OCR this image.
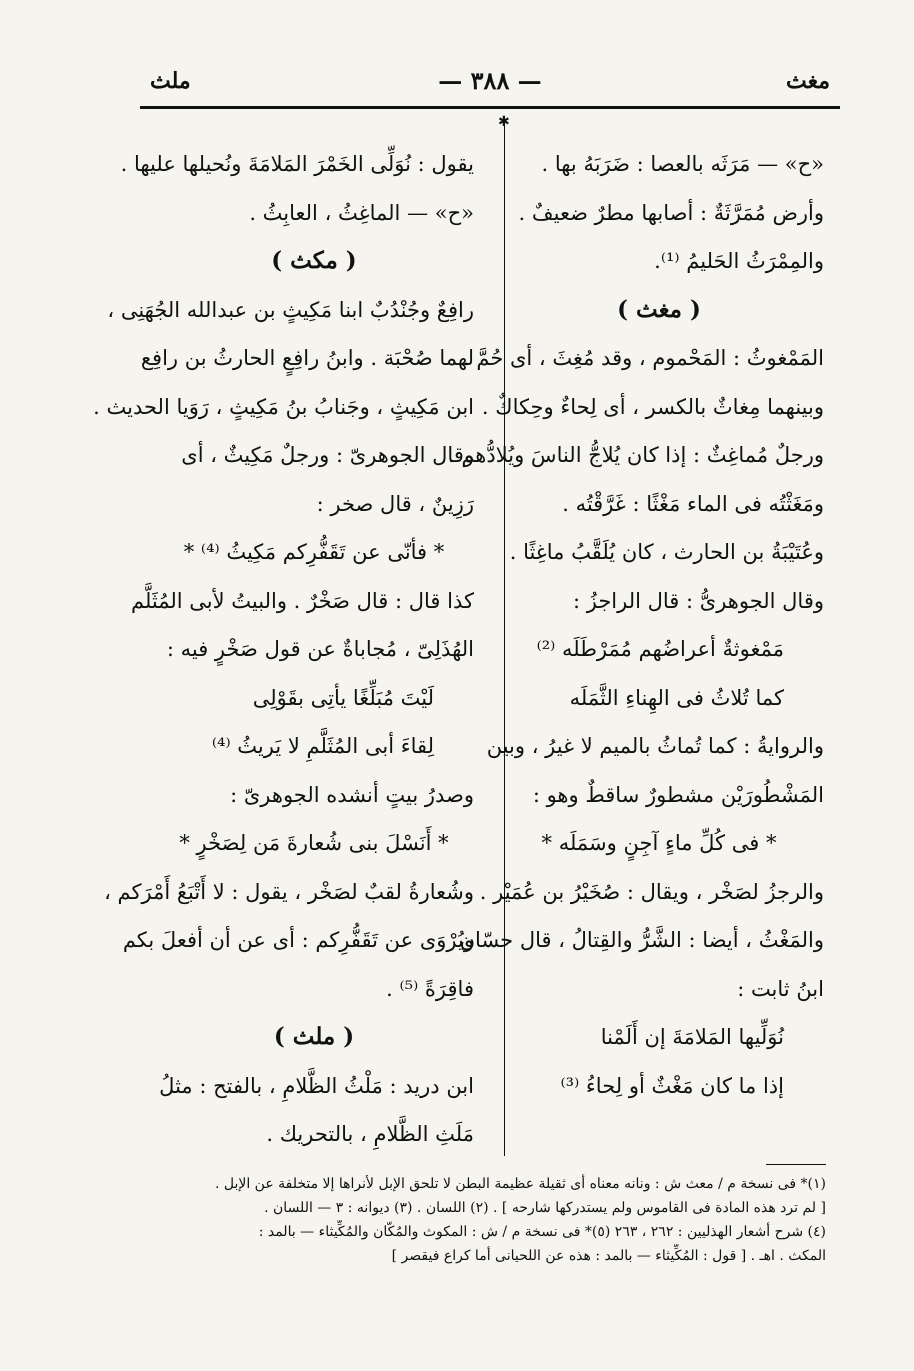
مغث
— ٣٨٨ —
ملث
✱
«ح» — مَرَثَه بالعصا : ضَرَبَهُ بها .
وأرض مُمَرَّثَةٌ : أصابها مطرٌ ضعيفٌ .
والمِمْرَثُ الحَليمُ ⁽¹⁾.
( مغث )
المَمْغوثُ : المَحْموم ، وقد مُغِثَ ، أى حُمَّ .
وبينهما مِغاثٌ بالكسر ، أى لِحاءٌ وحِكاكٌ .
ورجلٌ مُماغِثٌ : إذا كان يُلاجُّ الناسَ ويُلادُّهم .
ومَغَثْتُه فى الماء مَغْثًا : غَرَّقْتُه .
وعُتَيْبَةُ بن الحارث ، كان يُلَقَّبُ ماغِثًا .
وقال الجوهرىُّ : قال الراجزُ :
مَمْغوثةٌ أعراضُهم مُمَرْطَلَه ⁽²⁾
كما تُلاثُ فى الهِناءِ الثَّمَلَه
والروايةُ : كما تُماثُ بالميم لا غيرُ ، وبين
المَشْطُورَيْن مشطورٌ ساقطٌ وهو :
* فى كُلِّ ماءٍ آجِنٍ وسَمَلَه *
والرجزُ لصَخْر ، ويقال : صُخَيْرُ بن عُمَيْر .
والمَغْثُ ، أيضا : الشَّرُّ والقِتالُ ، قال حسّان
ابنُ ثابت :
نُوَلِّيها المَلامَةَ إن أَلَمْنا
إذا ما كان مَغْثٌ أو لِحاءُ ⁽³⁾
يقول : نُوَلِّى الخَمْرَ المَلامَةَ ونُحيلها عليها .
«ح» — الماغِثُ ، العابِثُ .
( مكث )
رافِعٌ وجُنْدُبٌ ابنا مَكِيثٍ بن عبدالله الجُهَنِى ،
لهما صُحْبَة . وابنُ رافِعٍ الحارثُ بن رافِع
ابن مَكِيثٍ ، وجَنابُ بنُ مَكِيثٍ ، رَوَيا الحديث .
وقال الجوهرىّ : ورجلٌ مَكِيثٌ ، أى
رَزِينٌ ، قال صخر :
* فأنّى عن تَقَفُّرِكم مَكِيثُ ⁽⁴⁾ *
كذا قال : قال صَخْرٌ . والبيتُ لأبى المُثَلَّم
الهُذَلِىّ ، مُجاباةٌ عن قول صَخْرٍ فيه :
لَيْتَ مُبَلِّغًا يأتِى بقَوْلِى
لِقاءَ أبى المُثَلَّمِ لا يَريثُ ⁽⁴⁾
وصدرُ بيتٍ أنشده الجوهرىّ :
* أَنَسْلَ بنى شُعارةَ مَن لِصَخْرٍ *
وشُعارةُ لقبٌ لصَخْر ، يقول : لا أَتْبَعُ أَمْرَكم ،
ويُرْوَى عن تَقَفُّرِكم : أى عن أن أفعلَ بكم
فاقِرَةً ⁽⁵⁾ .
( ملث )
ابن دريد : مَلْثُ الظَّلامِ ، بالفتح : مثلُ
مَلَثِ الظَّلامِ ، بالتحريك .
(١)* فى نسخة م / معث ش : ونانه معناه أى ثقيلة عظيمة البطن لا تلحق الإبل لأنراها إلا متخلفة عن الإبل .
[ لم ترد هذه المادة فى القاموس ولم يستدركها شارحه ] . (٢) اللسان . (٣) ديوانه : ٣ — اللسان .
(٤) شرح أشعار الهذليين : ٢٦٢ ، ٢٦٣ (٥)* فى نسخة م / ش : المكوث والمُكّان والمُكِّيثاء — بالمد :
المكث . اهـ . [ قول : المُكِّيثاء — بالمد : هذه عن اللحيانى أما كراع فيقصر ]
